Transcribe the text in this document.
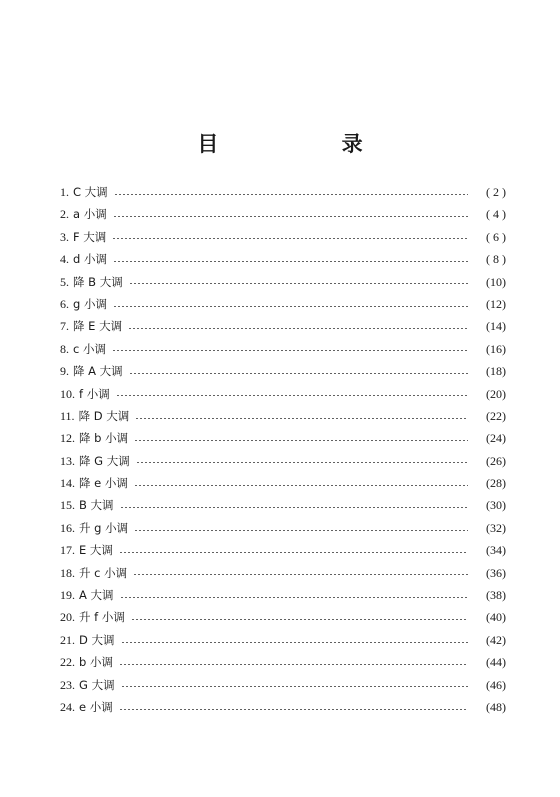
目 录
1. C 大调	( 2 )
2. a 小调	( 4 )
3. F 大调	( 6 )
4. d 小调	( 8 )
5. 降 B 大调	(10)
6. g 小调	(12)
7. 降 E 大调	(14)
8. c 小调	(16)
9. 降 A 大调	(18)
10. f 小调	(20)
11. 降 D 大调	(22)
12. 降 b 小调	(24)
13. 降 G 大调	(26)
14. 降 e 小调	(28)
15. B 大调	(30)
16. 升 g 小调	(32)
17. E 大调	(34)
18. 升 c 小调	(36)
19. A 大调	(38)
20. 升 f 小调	(40)
21. D 大调	(42)
22. b 小调	(44)
23. G 大调	(46)
24. e 小调	(48)
